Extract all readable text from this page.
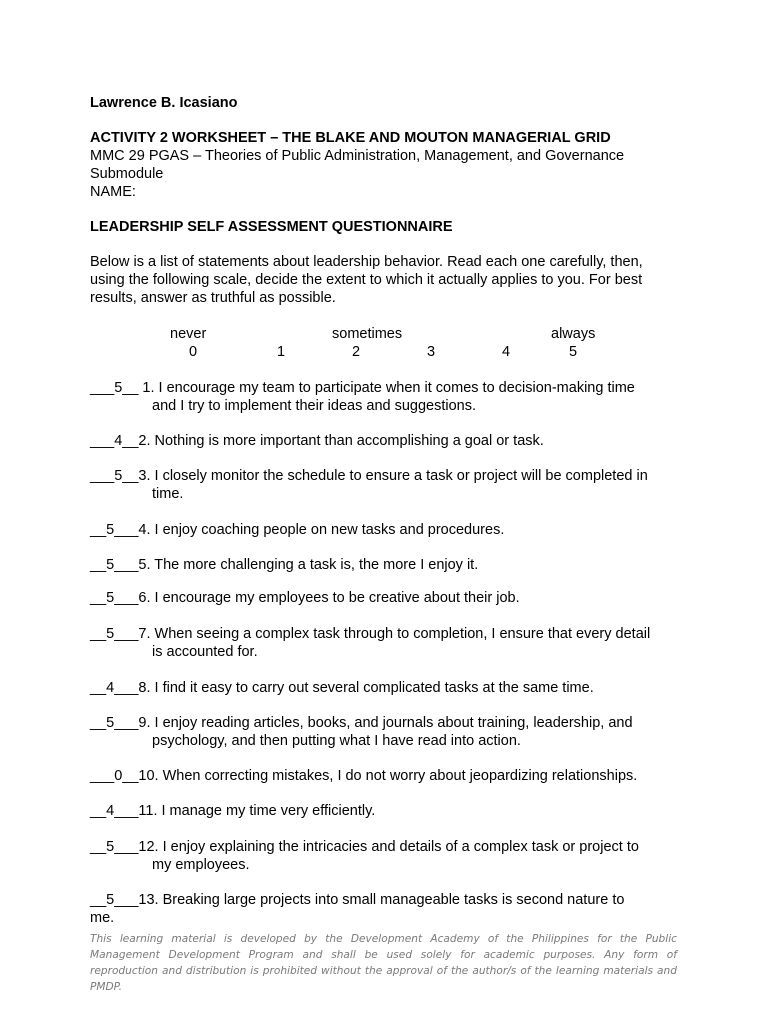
Lawrence B. Icasiano
ACTIVITY 2 WORKSHEET – THE BLAKE AND MOUTON MANAGERIAL GRID
MMC 29 PGAS – Theories of Public Administration, Management, and Governance
Submodule
NAME:
LEADERSHIP SELF ASSESSMENT QUESTIONNAIRE
Below is a list of statements about leadership behavior. Read each one carefully, then, using the following scale, decide the extent to which it actually applies to you. For best results, answer as truthful as possible.
never	sometimes	always
0	1	2	3	4	5
___5__ 1. I encourage my team to participate when it comes to decision-making time
and I try to implement their ideas and suggestions.
___4__2. Nothing is more important than accomplishing a goal or task.
___5__3. I closely monitor the schedule to ensure a task or project will be completed in
time.
__5___4. I enjoy coaching people on new tasks and procedures.
__5___5. The more challenging a task is, the more I enjoy it.
__5___6. I encourage my employees to be creative about their job.
__5___7. When seeing a complex task through to completion, I ensure that every detail
is accounted for.
__4___8. I find it easy to carry out several complicated tasks at the same time.
__5___9. I enjoy reading articles, books, and journals about training, leadership, and
psychology, and then putting what I have read into action.
___0__10. When correcting mistakes, I do not worry about jeopardizing relationships.
__4___11. I manage my time very efficiently.
__5___12. I enjoy explaining the intricacies and details of a complex task or project to
my employees.
__5___13. Breaking large projects into small manageable tasks is second nature to
me.
This learning material is developed by the Development Academy of the Philippines for the Public Management Development Program and shall be used solely for academic purposes. Any form of reproduction and distribution is prohibited without the approval of the author/s of the learning materials and PMDP.
